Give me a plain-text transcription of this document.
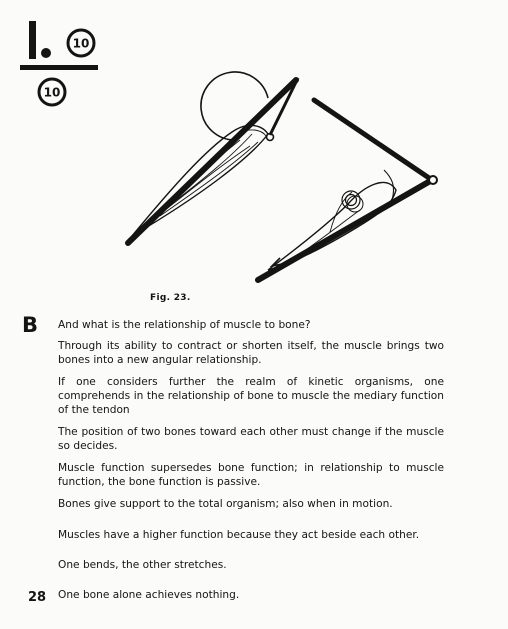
10
10
Fig. 23.
B And what is the relationship of muscle to bone?

Through its ability to contract or shorten itself, the muscle brings two bones into a new angular relationship.

If one considers further the realm of kinetic organisms, one comprehends in the relationship of bone to muscle the mediary function of the tendon

The position of two bones toward each other must change if the muscle so decides.

Muscle function supersedes bone function; in relationship to muscle function, the bone function is passive.

Bones give support to the total organism; also when in motion.

Muscles have a higher function because they act beside each other.

One bends, the other stretches.

One bone alone achieves nothing.

28
